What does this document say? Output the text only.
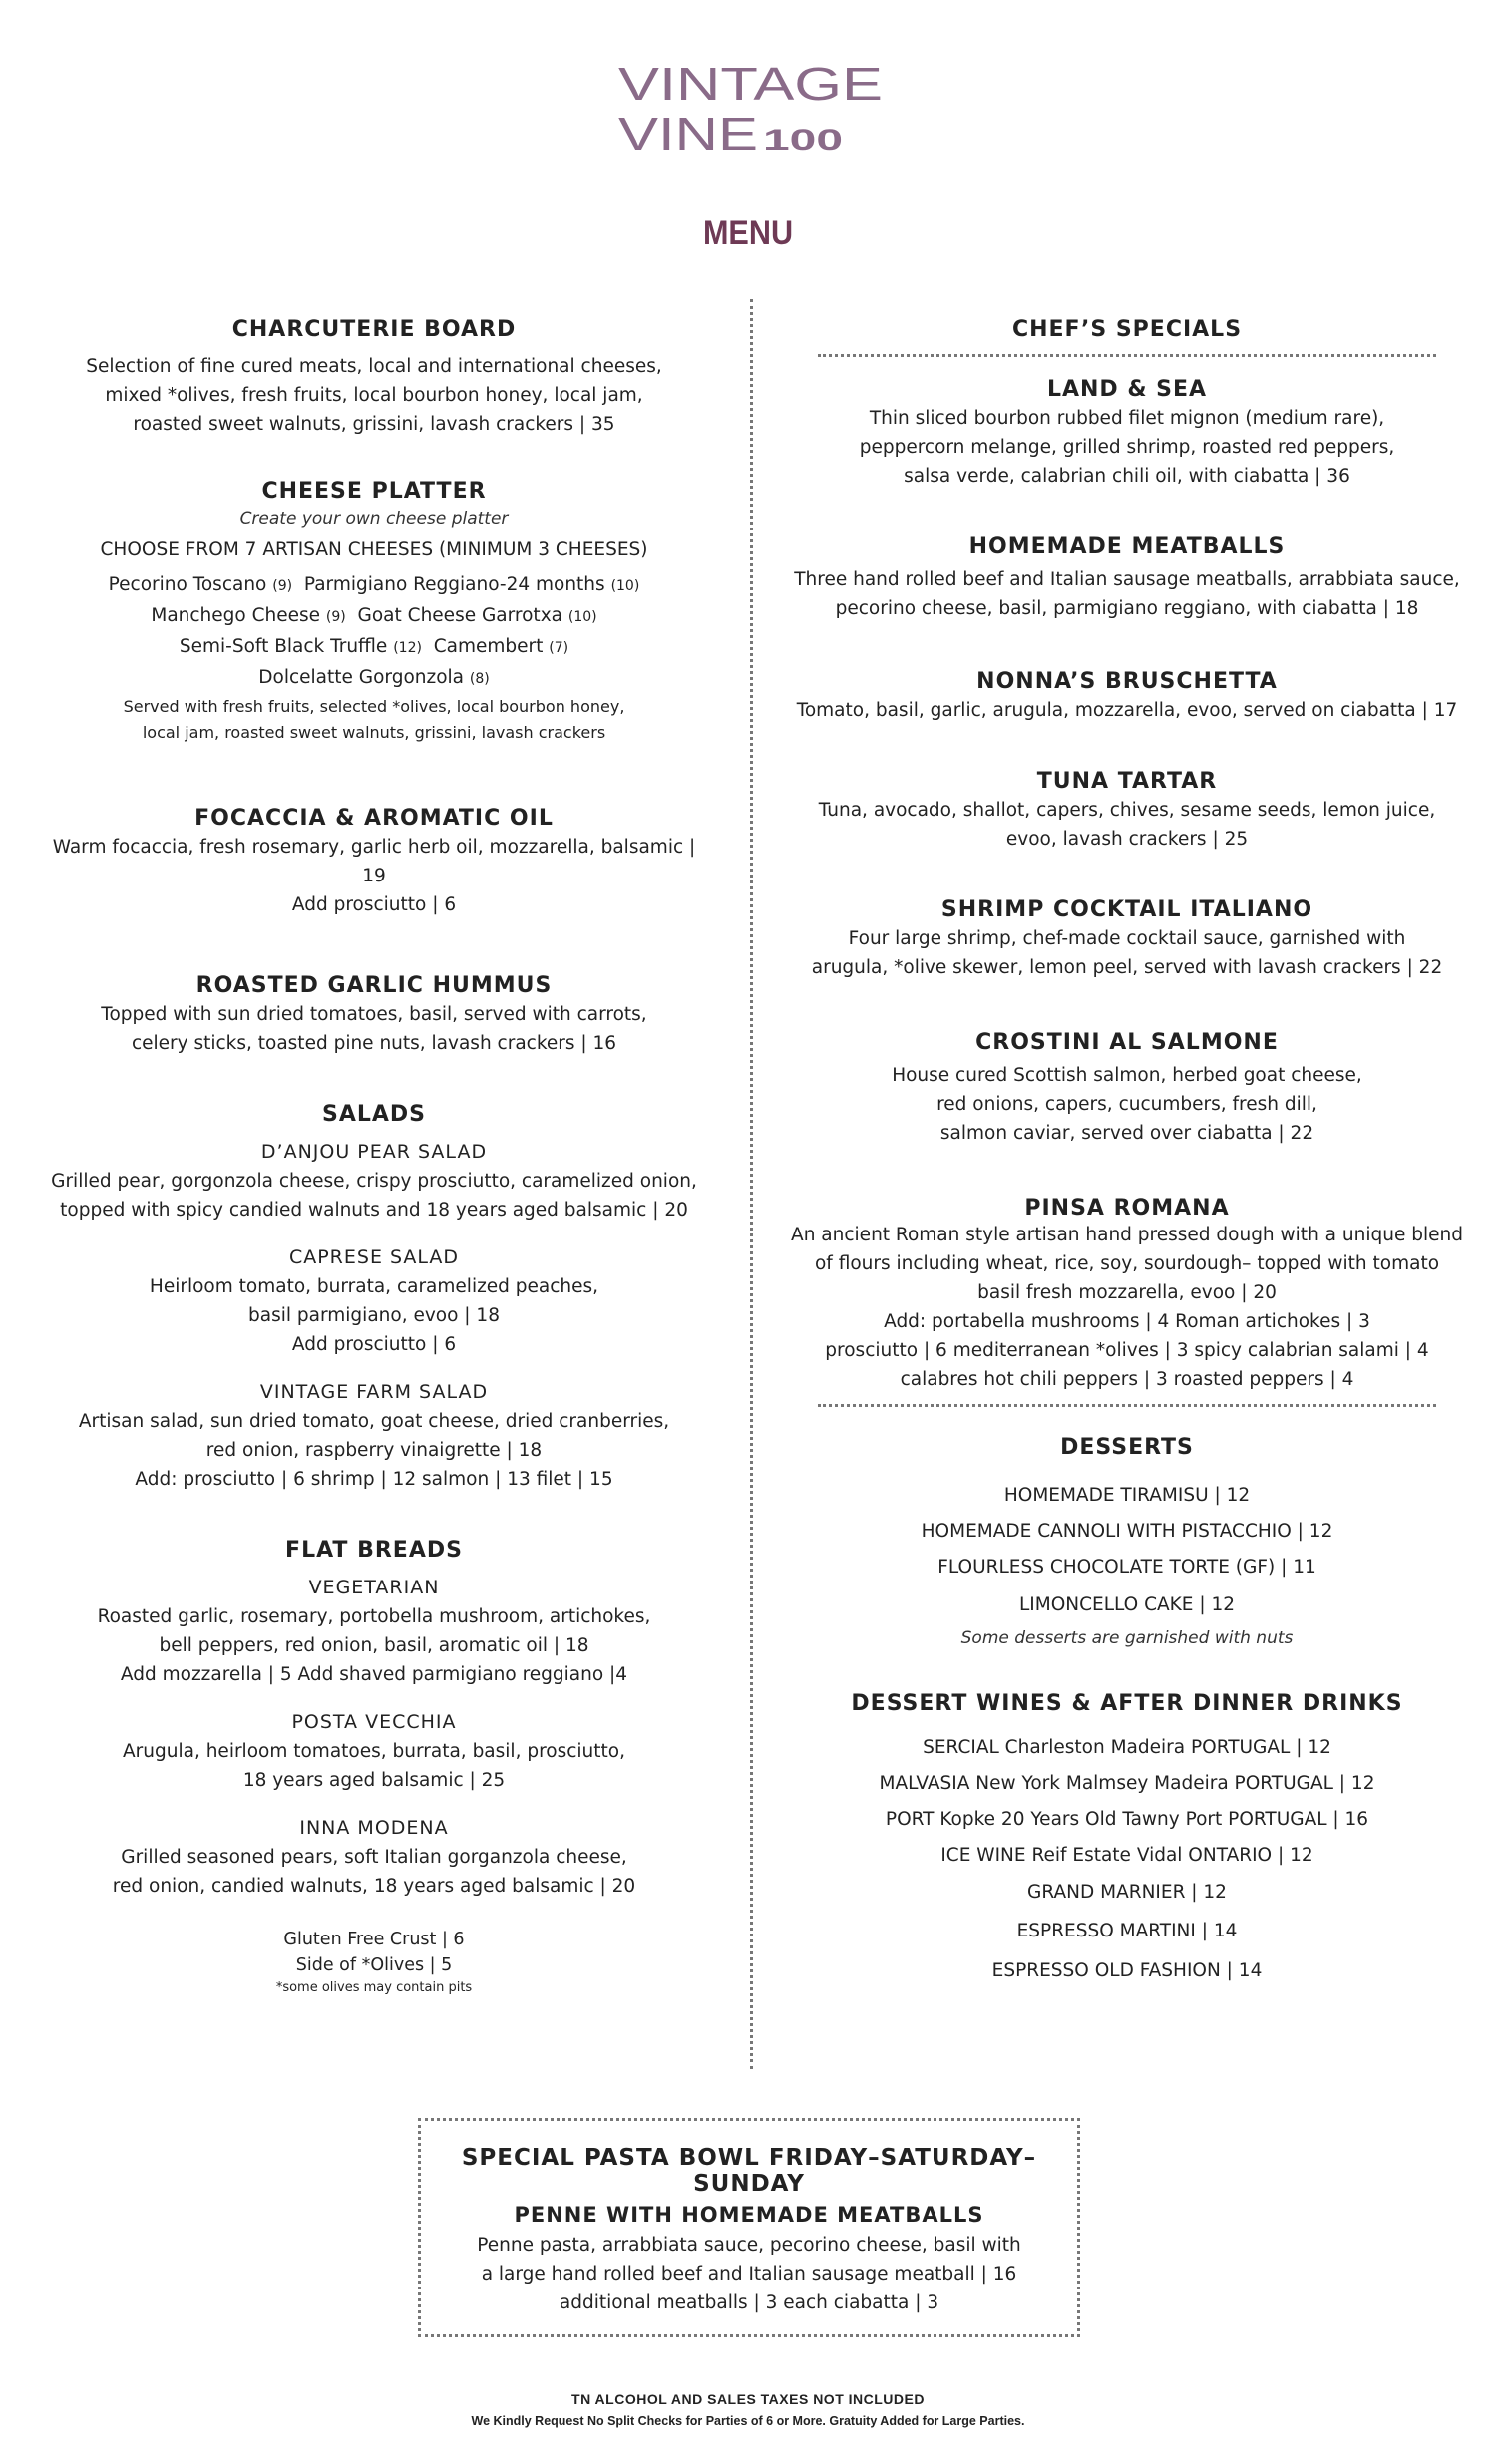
VINTAGE
VINE 100
MENU
CHARCUTERIE BOARD
Selection of fine cured meats, local and international cheeses,
mixed *olives, fresh fruits, local bourbon honey, local jam,
roasted sweet walnuts, grissini, lavash crackers | 35
CHEESE PLATTER
Create your own cheese platter
CHOOSE FROM 7 ARTISAN CHEESES (MINIMUM 3 CHEESES)
Pecorino Toscano (9) Parmigiano Reggiano-24 months (10)
Manchego Cheese (9) Goat Cheese Garrotxa (10)
Semi-Soft Black Truffle (12) Camembert (7)
Dolcelatte Gorgonzola (8)
Served with fresh fruits, selected *olives, local bourbon honey,
local jam, roasted sweet walnuts, grissini, lavash crackers
FOCACCIA & AROMATIC OIL
Warm focaccia, fresh rosemary, garlic herb oil, mozzarella, balsamic | 19
Add prosciutto | 6
ROASTED GARLIC HUMMUS
Topped with sun dried tomatoes, basil, served with carrots,
celery sticks, toasted pine nuts, lavash crackers | 16
SALADS
D’ANJOU PEAR SALAD
Grilled pear, gorgonzola cheese, crispy prosciutto, caramelized onion,
topped with spicy candied walnuts and 18 years aged balsamic | 20
CAPRESE SALAD
Heirloom tomato, burrata, caramelized peaches,
basil parmigiano, evoo | 18
Add prosciutto | 6
VINTAGE FARM SALAD
Artisan salad, sun dried tomato, goat cheese, dried cranberries,
red onion, raspberry vinaigrette | 18
Add: prosciutto | 6 shrimp | 12 salmon | 13 filet | 15
FLAT BREADS
VEGETARIAN
Roasted garlic, rosemary, portobella mushroom, artichokes,
bell peppers, red onion, basil, aromatic oil | 18
Add mozzarella | 5 Add shaved parmigiano reggiano |4
POSTA VECCHIA
Arugula, heirloom tomatoes, burrata, basil, prosciutto,
18 years aged balsamic | 25
INNA MODENA
Grilled seasoned pears, soft Italian gorganzola cheese,
red onion, candied walnuts, 18 years aged balsamic | 20
Gluten Free Crust | 6
Side of *Olives | 5
*some olives may contain pits
CHEF’S SPECIALS
LAND & SEA
Thin sliced bourbon rubbed filet mignon (medium rare),
peppercorn melange, grilled shrimp, roasted red peppers,
salsa verde, calabrian chili oil, with ciabatta | 36
HOMEMADE MEATBALLS
Three hand rolled beef and Italian sausage meatballs, arrabbiata sauce,
pecorino cheese, basil, parmigiano reggiano, with ciabatta | 18
NONNA’S BRUSCHETTA
Tomato, basil, garlic, arugula, mozzarella, evoo, served on ciabatta | 17
TUNA TARTAR
Tuna, avocado, shallot, capers, chives, sesame seeds, lemon juice,
evoo, lavash crackers | 25
SHRIMP COCKTAIL ITALIANO
Four large shrimp, chef-made cocktail sauce, garnished with
arugula, *olive skewer, lemon peel, served with lavash crackers | 22
CROSTINI AL SALMONE
House cured Scottish salmon, herbed goat cheese,
red onions, capers, cucumbers, fresh dill,
salmon caviar, served over ciabatta | 22
PINSA ROMANA
An ancient Roman style artisan hand pressed dough with a unique blend
of flours including wheat, rice, soy, sourdough– topped with tomato
basil fresh mozzarella, evoo | 20
Add: portabella mushrooms | 4 Roman artichokes | 3
prosciutto | 6 mediterranean *olives | 3 spicy calabrian salami | 4
calabres hot chili peppers | 3 roasted peppers | 4
DESSERTS
HOMEMADE TIRAMISU | 12
HOMEMADE CANNOLI WITH PISTACCHIO | 12
FLOURLESS CHOCOLATE TORTE (GF) | 11
LIMONCELLO CAKE | 12
Some desserts are garnished with nuts
DESSERT WINES & AFTER DINNER DRINKS
SERCIAL Charleston Madeira PORTUGAL | 12
MALVASIA New York Malmsey Madeira PORTUGAL | 12
PORT Kopke 20 Years Old Tawny Port PORTUGAL | 16
ICE WINE Reif Estate Vidal ONTARIO | 12
GRAND MARNIER | 12
ESPRESSO MARTINI | 14
ESPRESSO OLD FASHION | 14
SPECIAL PASTA BOWL FRIDAY–SATURDAY–SUNDAY
PENNE WITH HOMEMADE MEATBALLS
Penne pasta, arrabbiata sauce, pecorino cheese, basil with
a large hand rolled beef and Italian sausage meatball | 16
additional meatballs | 3 each ciabatta | 3
TN ALCOHOL AND SALES TAXES NOT INCLUDED
We Kindly Request No Split Checks for Parties of 6 or More. Gratuity Added for Large Parties.
